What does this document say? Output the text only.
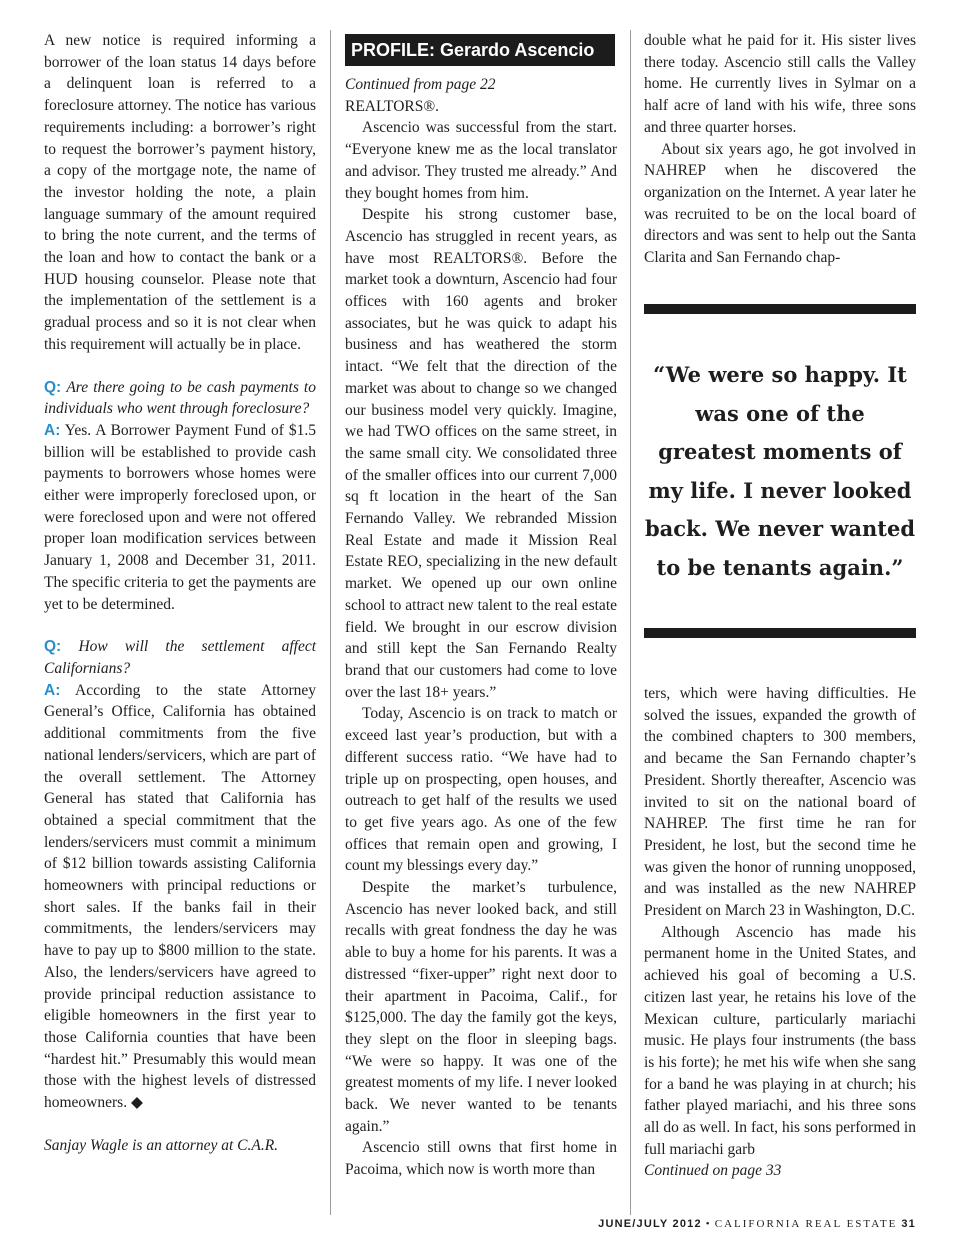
A new notice is required informing a borrower of the loan status 14 days before a delinquent loan is referred to a foreclosure attorney. The notice has various requirements including: a borrower’s right to request the borrower’s payment history, a copy of the mortgage note, the name of the investor holding the note, a plain language summary of the amount required to bring the note current, and the terms of the loan and how to contact the bank or a HUD housing counselor. Please note that the implementation of the settlement is a gradual process and so it is not clear when this requirement will actually be in place.

Q: Are there going to be cash payments to individuals who went through foreclosure?

A: Yes. A Borrower Payment Fund of $1.5 billion will be established to provide cash payments to borrowers whose homes were either were improperly foreclosed upon, or were foreclosed upon and were not offered proper loan modification services between January 1, 2008 and December 31, 2011. The specific criteria to get the payments are yet to be determined.

Q: How will the settlement affect Californians?

A: According to the state Attorney General’s Office, California has obtained additional commitments from the five national lenders/servicers, which are part of the overall settlement. The Attorney General has stated that California has obtained a special commitment that the lenders/servicers must commit a minimum of $12 billion towards assisting California homeowners with principal reductions or short sales. If the banks fail in their commitments, the lenders/servicers may have to pay up to $800 million to the state. Also, the lenders/servicers have agreed to provide principal reduction assistance to eligible homeowners in the first year to those California counties that have been “hardest hit.” Presumably this would mean those with the highest levels of distressed homeowners. ◆

Sanjay Wagle is an attorney at C.A.R.

PROFILE: Gerardo Ascencio

Continued from page 22

REALTORS®.

Ascencio was successful from the start. “Everyone knew me as the local translator and advisor. They trusted me already.” And they bought homes from him.

Despite his strong customer base, Ascencio has struggled in recent years, as have most REALTORS®. Before the market took a downturn, Ascencio had four offices with 160 agents and broker associates, but he was quick to adapt his business and has weathered the storm intact. “We felt that the direction of the market was about to change so we changed our business model very quickly. Imagine, we had TWO offices on the same street, in the same small city. We consolidated three of the smaller offices into our current 7,000 sq ft location in the heart of the San Fernando Valley. We rebranded Mission Real Estate and made it Mission Real Estate REO, specializing in the new default market. We opened up our own online school to attract new talent to the real estate field. We brought in our escrow division and still kept the San Fernando Realty brand that our customers had come to love over the last 18+ years.”

Today, Ascencio is on track to match or exceed last year’s production, but with a different success ratio. “We have had to triple up on prospecting, open houses, and outreach to get half of the results we used to get five years ago. As one of the few offices that remain open and growing, I count my blessings every day.”

Despite the market’s turbulence, Ascencio has never looked back, and still recalls with great fondness the day he was able to buy a home for his parents. It was a distressed “fixer-upper” right next door to their apartment in Pacoima, Calif., for $125,000. The day the family got the keys, they slept on the floor in sleeping bags. “We were so happy. It was one of the greatest moments of my life. I never looked back. We never wanted to be tenants again.”

Ascencio still owns that first home in Pacoima, which now is worth more than

double what he paid for it. His sister lives there today. Ascencio still calls the Valley home. He currently lives in Sylmar on a half acre of land with his wife, three sons and three quarter horses.

About six years ago, he got involved in NAHREP when he discovered the organization on the Internet. A year later he was recruited to be on the local board of directors and was sent to help out the Santa Clarita and San Fernando chap-

“We were so happy. It was one of the greatest moments of my life. I never looked back. We never wanted to be tenants again.”

ters, which were having difficulties. He solved the issues, expanded the growth of the combined chapters to 300 members, and became the San Fernando chapter’s President. Shortly thereafter, Ascencio was invited to sit on the national board of NAHREP. The first time he ran for President, he lost, but the second time he was given the honor of running unopposed, and was installed as the new NAHREP President on March 23 in Washington, D.C.

Although Ascencio has made his permanent home in the United States, and achieved his goal of becoming a U.S. citizen last year, he retains his love of the Mexican culture, particularly mariachi music. He plays four instruments (the bass is his forte); he met his wife when she sang for a band he was playing in at church; his father played mariachi, and his three sons all do as well. In fact, his sons performed in full mariachi garb

Continued on page 33

JUNE/JULY 2012 • CALIFORNIA REAL ESTATE 31
